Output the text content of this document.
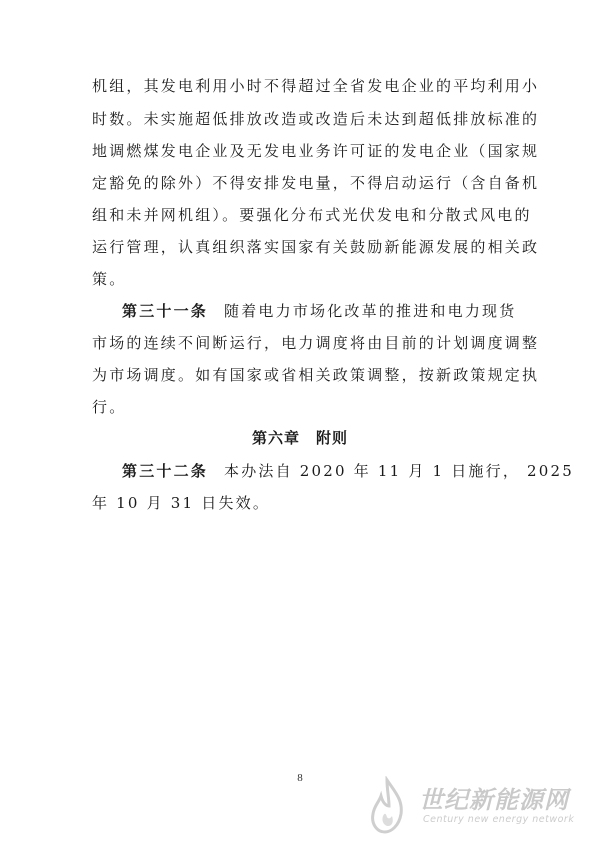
机组，其发电利用小时不得超过全省发电企业的平均利用小
时数。未实施超低排放改造或改造后未达到超低排放标准的
地调燃煤发电企业及无发电业务许可证的发电企业（国家规
定豁免的除外）不得安排发电量，不得启动运行（含自备机
组和未并网机组）。要强化分布式光伏发电和分散式风电的
运行管理，认真组织落实国家有关鼓励新能源发展的相关政
策。
第三十一条 随着电力市场化改革的推进和电力现货
市场的连续不间断运行，电力调度将由目前的计划调度调整
为市场调度。如有国家或省相关政策调整，按新政策规定执
行。
第六章　附则
第三十二条 本办法自 2020 年 11 月 1 日施行， 2025
年 10 月 31 日失效。
8
世纪新能源网
Century new energy network
